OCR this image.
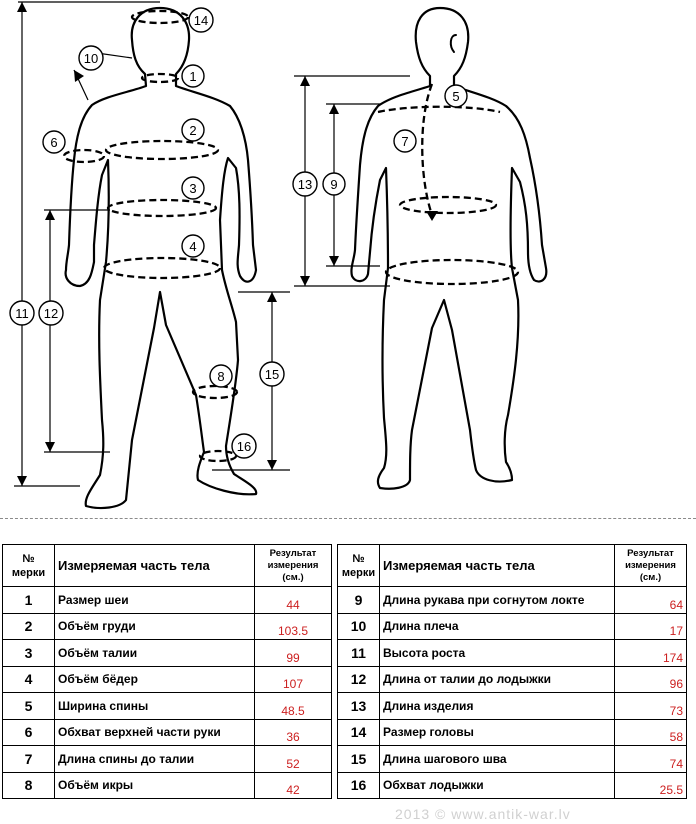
1
2
3
4
5
6	7
8
9
10
11 12
13
14
15
16
№
мерки	Измеряемая часть тела	Результат
измерения
(см.)
1	Размер шеи	44
2	Объём груди	103.5
3	Объём талии	99
4	Объём бёдер	107
5	Ширина спины	48.5
6	Обхват верхней части руки	36
7	Длина спины до талии	52
8	Объём икры	42
№
мерки	Измеряемая часть тела	Результат
измерения
(см.)
9	Длина рукава при согнутом локте	64
10	Длина плеча	17
11	Высота роста	174
12	Длина от талии до лодыжки	96
13	Длина изделия	73
14	Размер головы	58
15	Длина шагового шва	74
16	Обхват лодыжки	25.5
2013 © www.antik-war.lv
